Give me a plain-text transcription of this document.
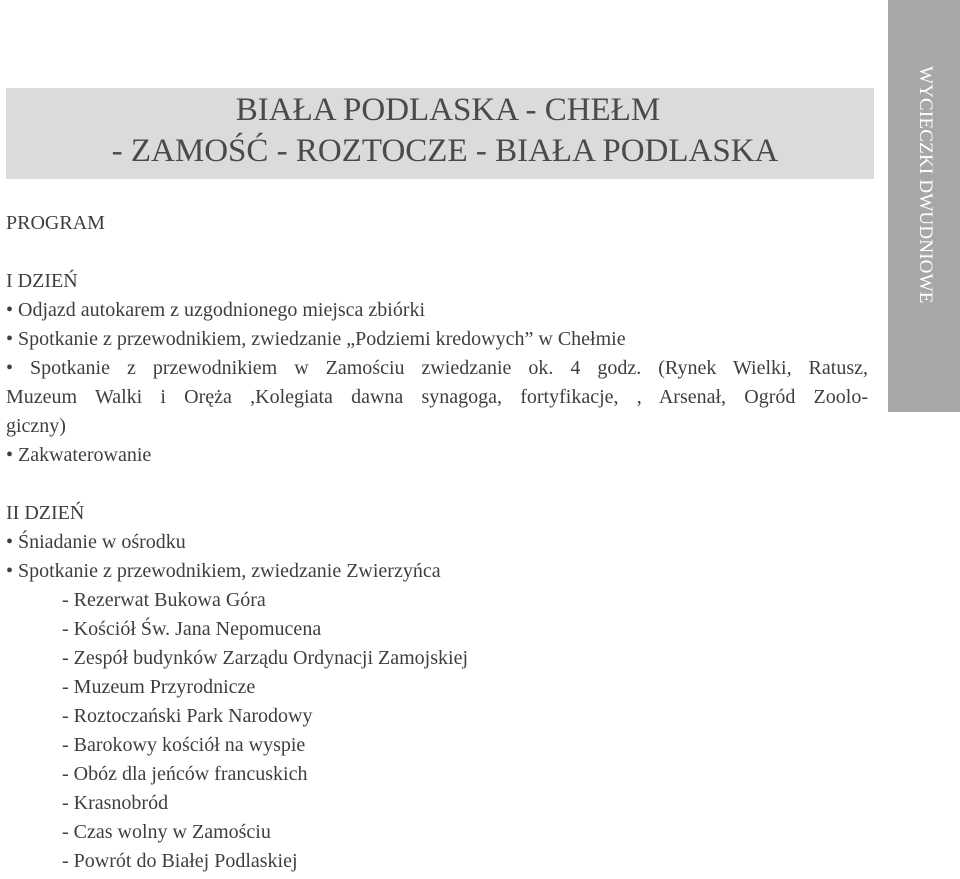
WYCIECZKI DWUDNIOWE
BIAŁA PODLASKA - CHEŁM
- ZAMOŚĆ - ROZTOCZE - BIAŁA PODLASKA
PROGRAM
I DZIEŃ
• Odjazd autokarem z uzgodnionego miejsca zbiórki
• Spotkanie z przewodnikiem, zwiedzanie „Podziemi kredowych” w Chełmie
• Spotkanie z przewodnikiem w Zamościu zwiedzanie ok. 4 godz. (Rynek Wielki, Ratusz,
Muzeum Walki i Oręża ,Kolegiata dawna synagoga, fortyfikacje, , Arsenał, Ogród Zoolo-
giczny)
• Zakwaterowanie
II DZIEŃ
• Śniadanie w ośrodku
• Spotkanie z przewodnikiem, zwiedzanie Zwierzyńca
- Rezerwat Bukowa Góra
- Kościół Św. Jana Nepomucena
- Zespół budynków Zarządu Ordynacji Zamojskiej
- Muzeum Przyrodnicze
- Roztoczański Park Narodowy
- Barokowy kościół na wyspie
- Obóz dla jeńców francuskich
- Krasnobród
- Czas wolny w Zamościu
- Powrót do Białej Podlaskiej
